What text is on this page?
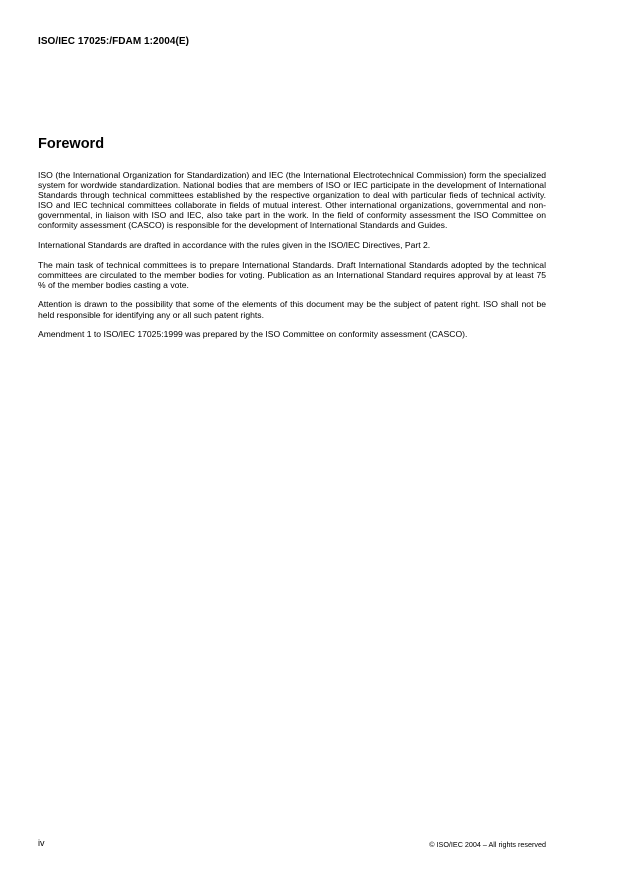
ISO/IEC 17025:/FDAM 1:2004(E)
Foreword

ISO (the International Organization for Standardization) and IEC (the International Electrotechnical Commission) form the specialized system for wordwide standardization. National bodies that are members of ISO or IEC participate in the development of International Standards through technical committees established by the respective organization to deal with particular fieds of technical activity. ISO and IEC technical committees collaborate in fields of mutual interest. Other international organizations, governmental and non-governmental, in liaison with ISO and IEC, also take part in the work. In the field of conformity assessment the ISO Committee on conformity assessment (CASCO) is responsible for the development of International Standards and Guides.

International Standards are drafted in accordance with the rules given in the ISO/IEC Directives, Part 2.

The main task of technical committees is to prepare International Standards. Draft International Standards adopted by the technical committees are circulated to the member bodies for voting. Publication as an International Standard requires approval by at least 75 % of the member bodies casting a vote.

Attention is drawn to the possibility that some of the elements of this document may be the subject of patent right. ISO shall not be held responsible for identifying any or all such patent rights.

Amendment 1 to ISO/IEC 17025:1999 was prepared by the ISO Committee on conformity assessment (CASCO).

iv	© ISO/IEC 2004 – All rights reserved
